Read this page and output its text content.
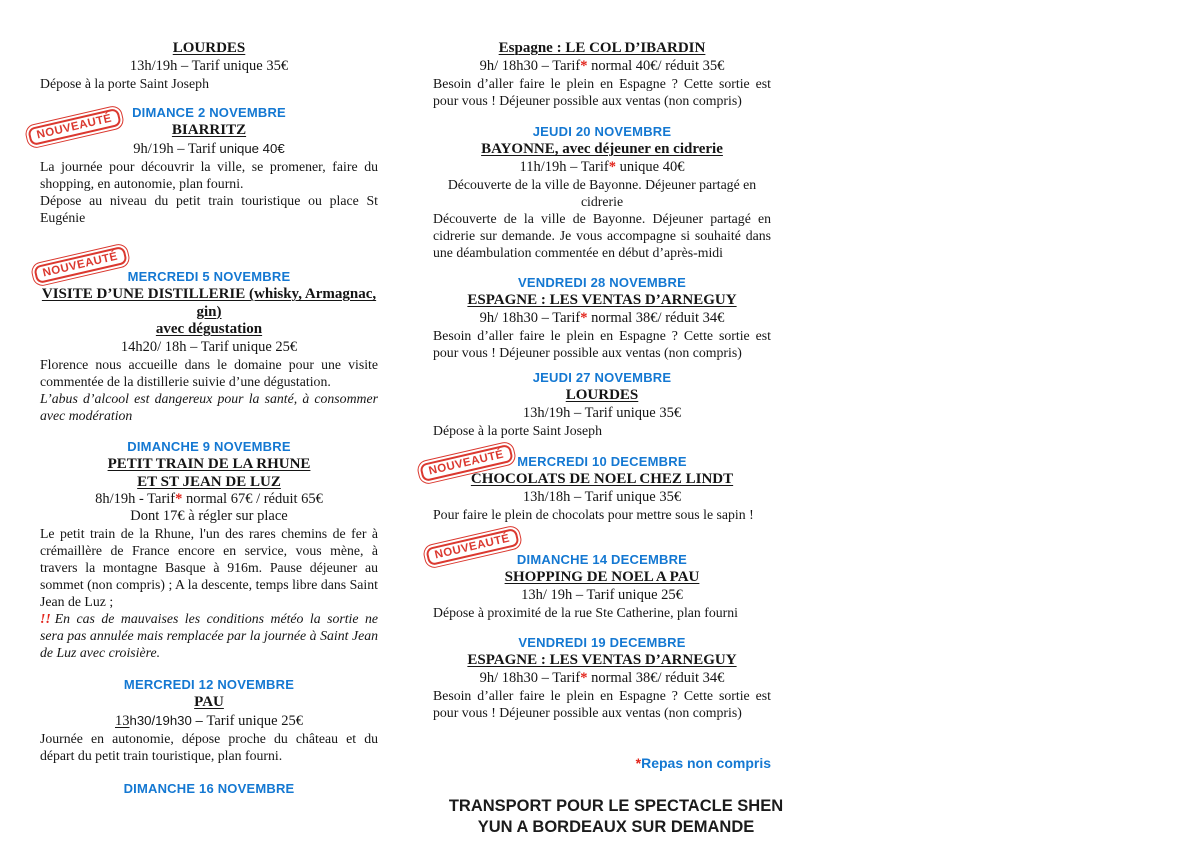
LOURDES
13h/19h – Tarif unique 35€
Dépose à la porte Saint Joseph
DIMANCE 2 NOVEMBRE
BIARRITZ
9h/19h – Tarif unique 40€
La journée pour découvrir la ville, se promener, faire du shopping, en autonomie, plan fourni.
Dépose au niveau du petit train touristique ou place St Eugénie
MERCREDI 5 NOVEMBRE
VISITE D’UNE DISTILLERIE (whisky, Armagnac,
gin)
avec dégustation
14h20/ 18h – Tarif unique 25€
Florence nous accueille dans le domaine pour une visite commentée de la distillerie suivie d’une dégustation.
L’abus d’alcool est dangereux pour la santé, à consommer avec modération
DIMANCHE 9 NOVEMBRE
PETIT TRAIN DE LA RHUNE
ET ST JEAN DE LUZ
8h/19h - Tarif* normal 67€ / réduit 65€
Dont 17€ à régler sur place
Le petit train de la Rhune, l'un des rares chemins de fer à crémaillère de France encore en service, vous mène, à travers la montagne Basque à 916m. Pause déjeuner au sommet (non compris) ; A la descente, temps libre dans Saint Jean de Luz ;
!! En cas de mauvaises les conditions météo la sortie ne sera pas annulée mais remplacée par la journée à Saint Jean de Luz avec croisière.
MERCREDI 12 NOVEMBRE
PAU
13h30/19h30 – Tarif unique 25€
Journée en autonomie, dépose proche du château et du départ du petit train touristique, plan fourni.
DIMANCHE 16 NOVEMBRE
Espagne : LE COL D’IBARDIN
9h/ 18h30 – Tarif* normal 40€/ réduit 35€
Besoin d’aller faire le plein en Espagne ? Cette sortie est pour vous ! Déjeuner possible aux ventas (non compris)
JEUDI 20 NOVEMBRE
BAYONNE, avec déjeuner en cidrerie
11h/19h – Tarif* unique 40€
Découverte de la ville de Bayonne. Déjeuner partagé en
cidrerie
Découverte de la ville de Bayonne. Déjeuner partagé en cidrerie sur demande. Je vous accompagne si souhaité dans une déambulation commentée en début d’après-midi
VENDREDI 28 NOVEMBRE
ESPAGNE : LES VENTAS D’ARNEGUY
9h/ 18h30 – Tarif* normal 38€/ réduit 34€
Besoin d’aller faire le plein en Espagne ? Cette sortie est pour vous ! Déjeuner possible aux ventas (non compris)
JEUDI 27 NOVEMBRE
LOURDES
13h/19h – Tarif unique 35€
Dépose à la porte Saint Joseph
MERCREDI 10 DECEMBRE
CHOCOLATS DE NOEL CHEZ LINDT
13h/18h – Tarif unique 35€
Pour faire le plein de chocolats pour mettre sous le sapin !
DIMANCHE 14 DECEMBRE
SHOPPING DE NOEL A PAU
13h/ 19h – Tarif unique 25€
Dépose à proximité de la rue Ste Catherine, plan fourni
VENDREDI 19 DECEMBRE
ESPAGNE : LES VENTAS D’ARNEGUY
9h/ 18h30 – Tarif* normal 38€/ réduit 34€
Besoin d’aller faire le plein en Espagne ? Cette sortie est pour vous ! Déjeuner possible aux ventas (non compris)
*Repas non compris
TRANSPORT POUR LE SPECTACLE SHEN
YUN A BORDEAUX SUR DEMANDE
NOUVEAUTÉ
NOUVEAUTÉ
NOUVEAUTÉ
NOUVEAUTÉ
